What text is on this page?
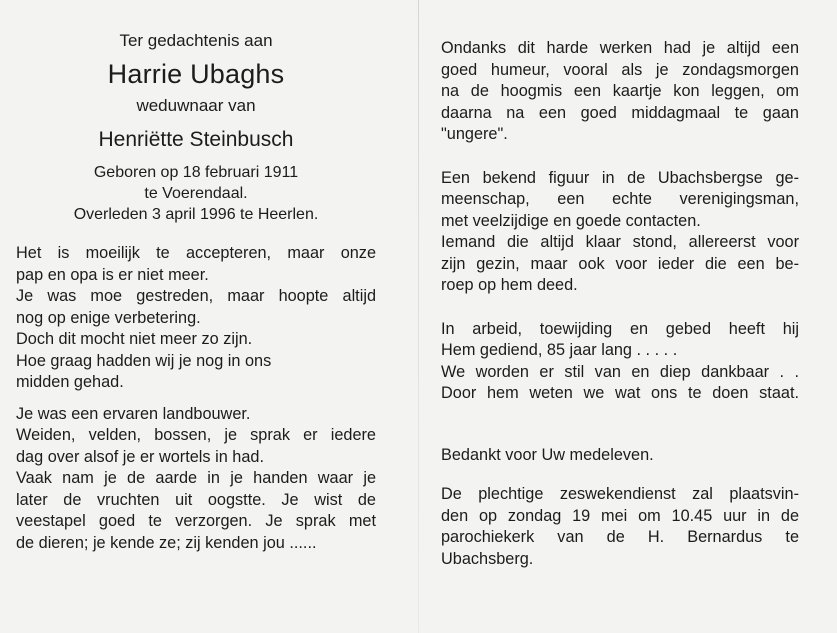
Ter gedachtenis aan
Harrie Ubaghs
weduwnaar van
Henriëtte Steinbusch
Geboren op 18 februari 1911
te Voerendaal.
Overleden 3 april 1996 te Heerlen.
Het is moeilijk te accepteren, maar onze
pap en opa is er niet meer.
Je was moe gestreden, maar hoopte altijd
nog op enige verbetering.
Doch dit mocht niet meer zo zijn.
Hoe graag hadden wij je nog in ons
midden gehad.
Je was een ervaren landbouwer.
Weiden, velden, bossen, je sprak er iedere
dag over alsof je er wortels in had.
Vaak nam je de aarde in je handen waar je
later de vruchten uit oogstte. Je wist de
veestapel goed te verzorgen. Je sprak met
de dieren; je kende ze; zij kenden jou ......
Ondanks dit harde werken had je altijd een
goed humeur, vooral als je zondagsmorgen
na de hoogmis een kaartje kon leggen, om
daarna na een goed middagmaal te gaan
"ungere".
Een bekend figuur in de Ubachsbergse ge-
meenschap, een echte verenigingsman,
met veelzijdige en goede contacten.
Iemand die altijd klaar stond, allereerst voor
zijn gezin, maar ook voor ieder die een be-
roep op hem deed.
In arbeid, toewijding en gebed heeft hij
Hem gediend, 85 jaar lang . . . . .
We worden er stil van en diep dankbaar . .
Door hem weten we wat ons te doen staat.
Bedankt voor Uw medeleven.
De plechtige zeswekendienst zal plaatsvin-
den op zondag 19 mei om 10.45 uur in de
parochiekerk van de H. Bernardus te
Ubachsberg.
